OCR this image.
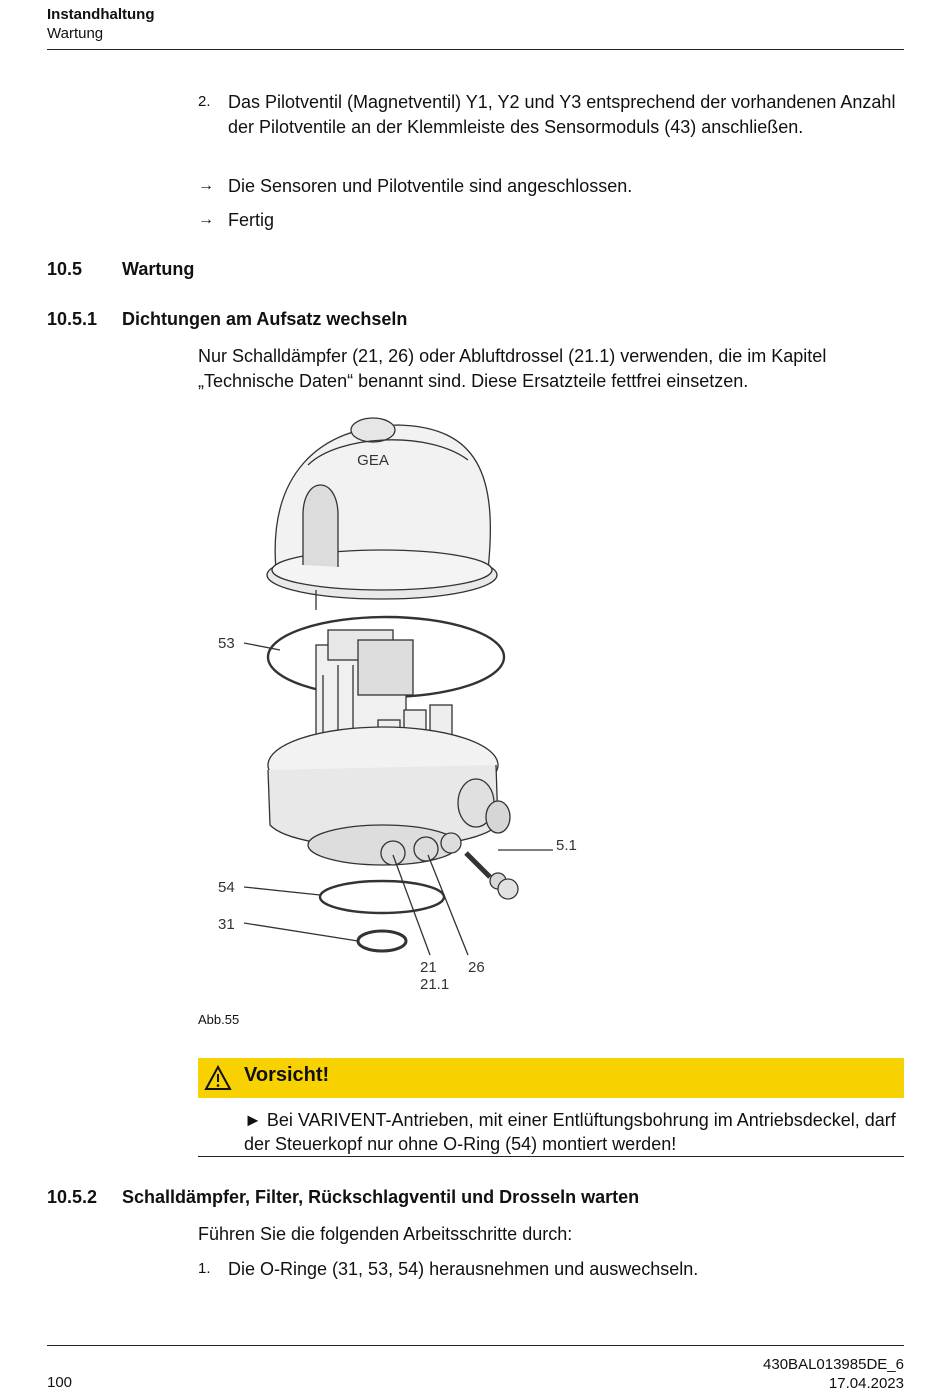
Instandhaltung
Wartung
2. Das Pilotventil (Magnetventil) Y1, Y2 und Y3 entsprechend der vorhandenen Anzahl der Pilotventile an der Klemmleiste des Sensormoduls (43) anschließen.
→ Die Sensoren und Pilotventile sind angeschlossen.
→ Fertig
10.5 Wartung
10.5.1 Dichtungen am Aufsatz wechseln
Nur Schalldämpfer (21, 26) oder Abluftdrossel (21.1) verwenden, die im Kapitel „Technische Daten“ benannt sind. Diese Ersatzteile fettfrei einsetzen.
GEA
53
54
31
21 26
21.1
5.1
Abb.55
Vorsicht!
► Bei VARIVENT-Antrieben, mit einer Entlüftungsbohrung im Antriebsdeckel, darf der Steuerkopf nur ohne O-Ring (54) montiert werden!
10.5.2 Schalldämpfer, Filter, Rückschlagventil und Drosseln warten
Führen Sie die folgenden Arbeitsschritte durch:
1. Die O-Ringe (31, 53, 54) herausnehmen und auswechseln.
100
430BAL013985DE_6
17.04.2023
